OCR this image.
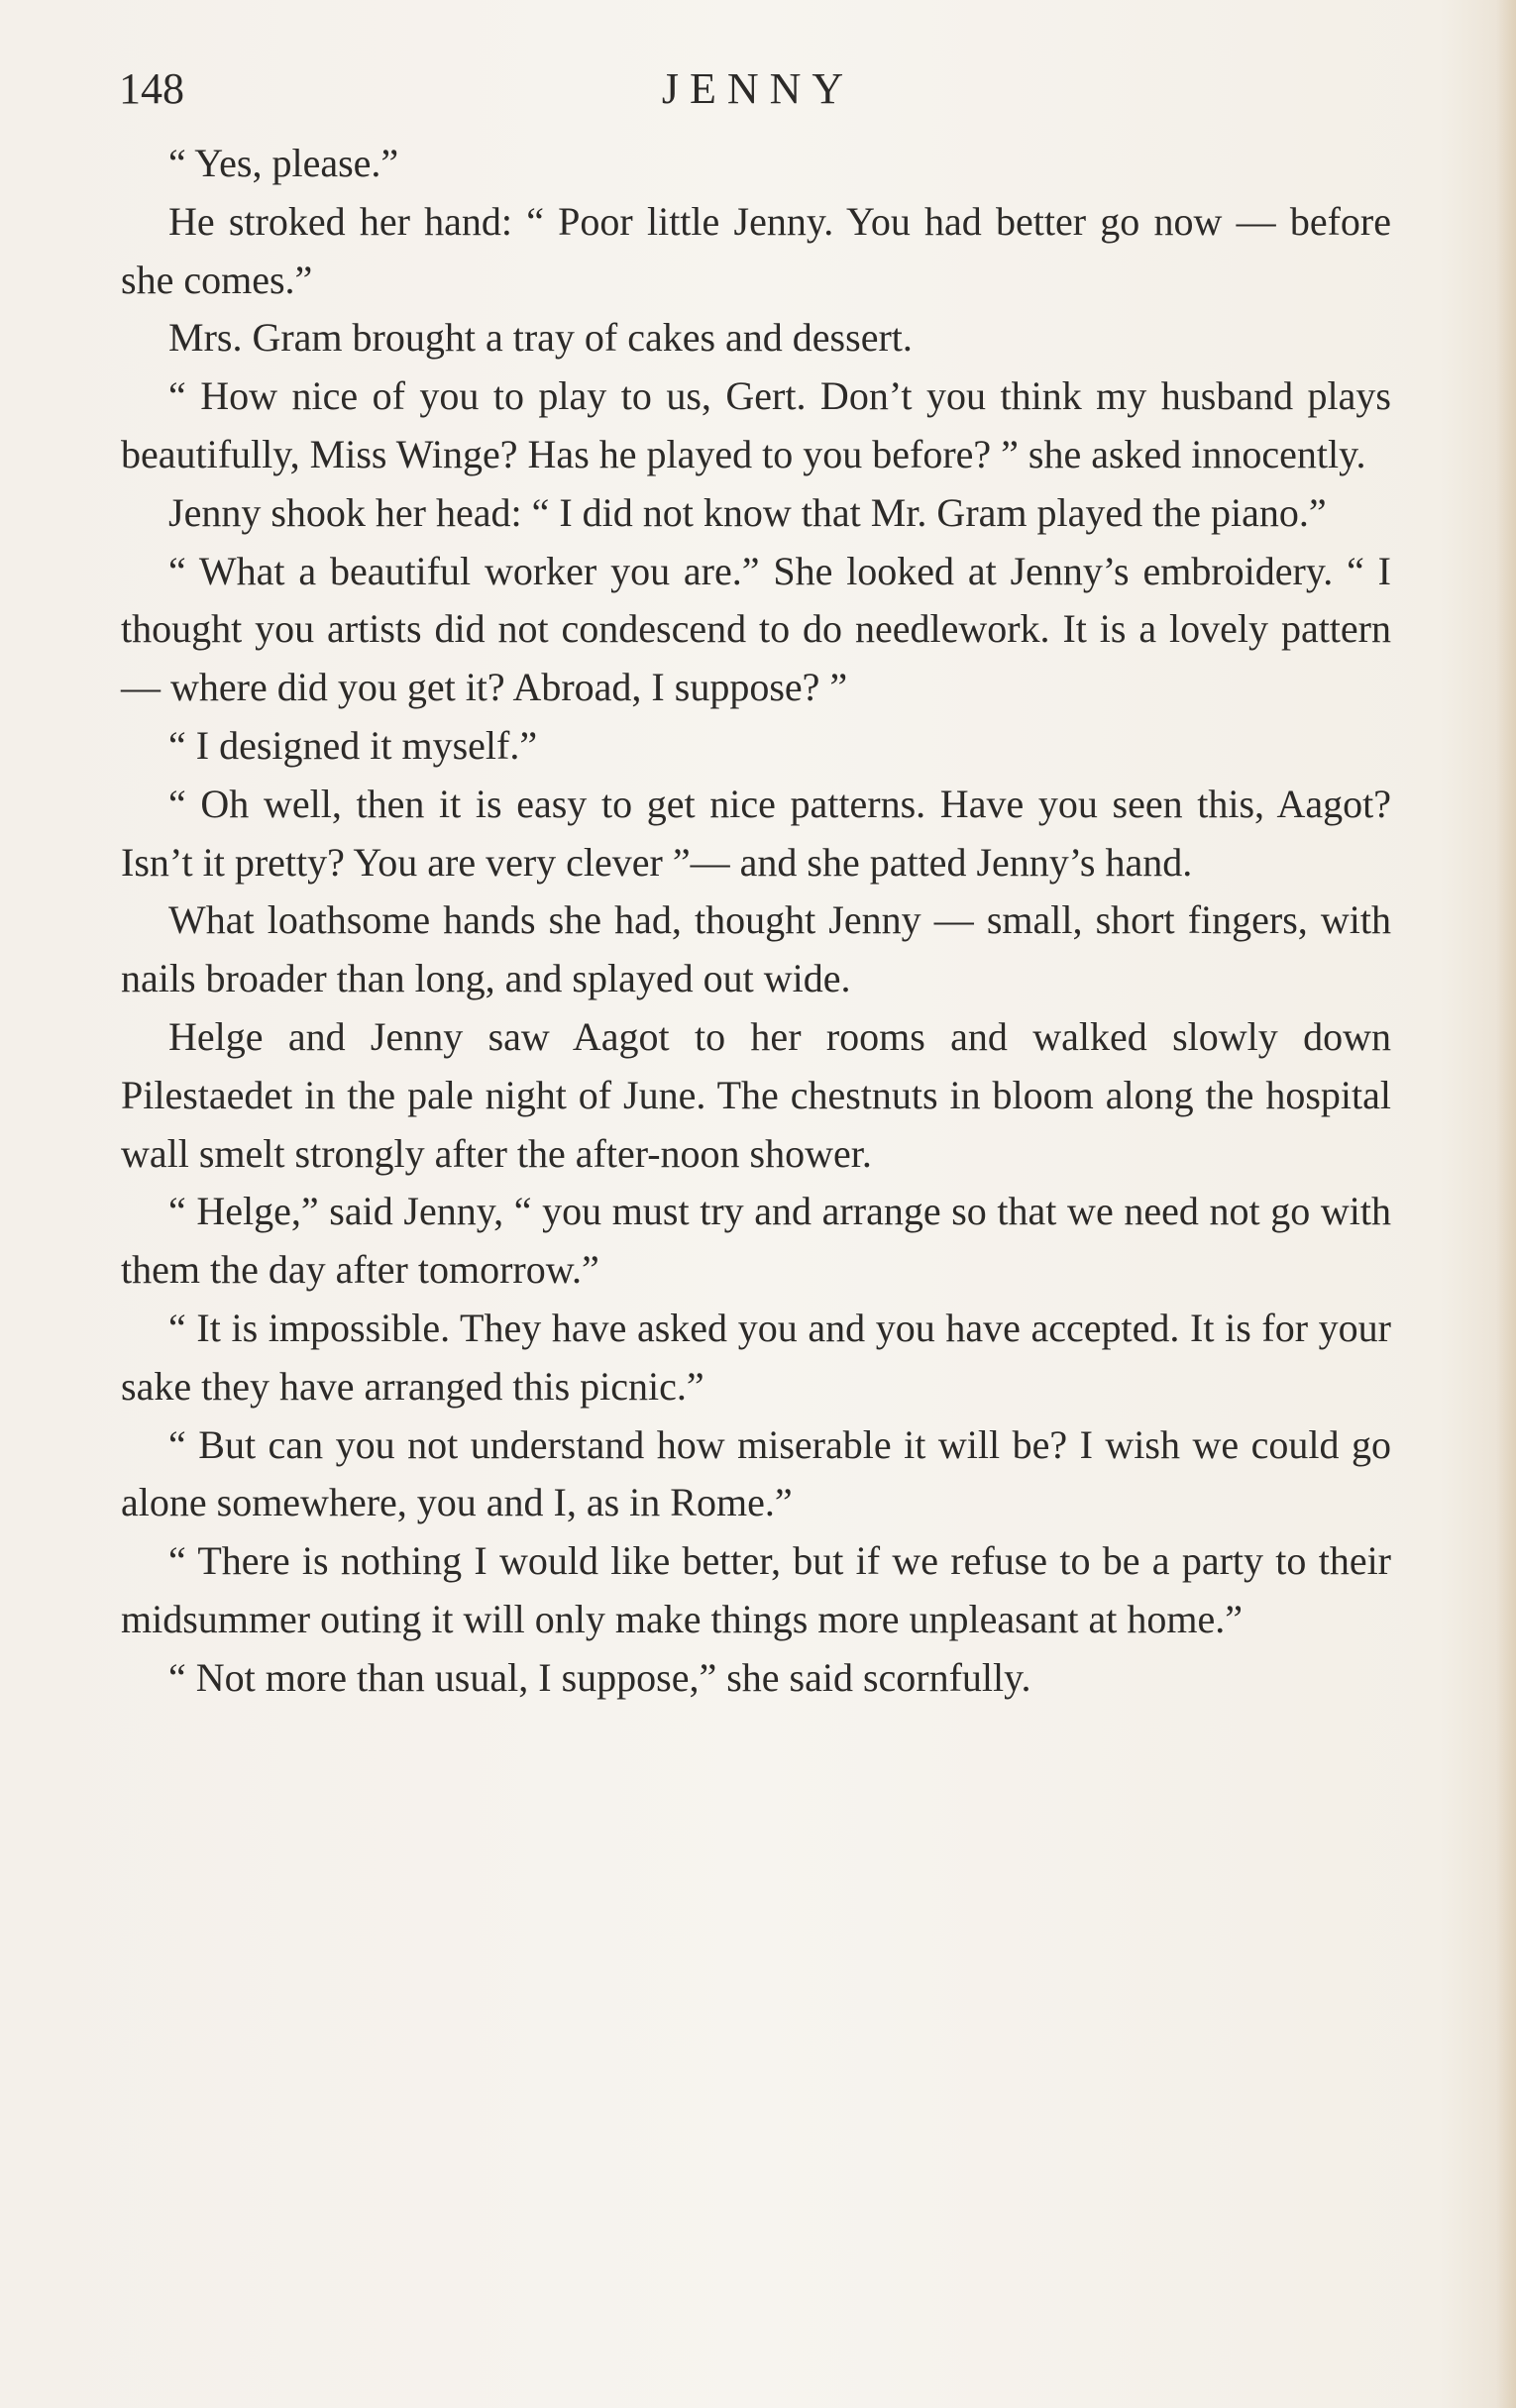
148	JENNY

“ Yes, please.”

He stroked her hand: “ Poor little Jenny. You had better go now — before she comes.”

Mrs. Gram brought a tray of cakes and dessert.

“ How nice of you to play to us, Gert. Don’t you think my husband plays beautifully, Miss Winge? Has he played to you before? ” she asked innocently.

Jenny shook her head: “ I did not know that Mr. Gram played the piano.”

“ What a beautiful worker you are.” She looked at Jenny’s embroidery. “ I thought you artists did not condescend to do needlework. It is a lovely pattern — where did you get it? Abroad, I suppose? ”

“ I designed it myself.”

“ Oh well, then it is easy to get nice patterns. Have you seen this, Aagot? Isn’t it pretty? You are very clever ”— and she patted Jenny’s hand.

What loathsome hands she had, thought Jenny — small, short fingers, with nails broader than long, and splayed out wide.

Helge and Jenny saw Aagot to her rooms and walked slowly down Pilestaedet in the pale night of June. The chestnuts in bloom along the hospital wall smelt strongly after the after-noon shower.

“ Helge,” said Jenny, “ you must try and arrange so that we need not go with them the day after tomorrow.”

“ It is impossible. They have asked you and you have accepted. It is for your sake they have arranged this picnic.”

“ But can you not understand how miserable it will be? I wish we could go alone somewhere, you and I, as in Rome.”

“ There is nothing I would like better, but if we refuse to be a party to their midsummer outing it will only make things more unpleasant at home.”

“ Not more than usual, I suppose,” she said scornfully.
